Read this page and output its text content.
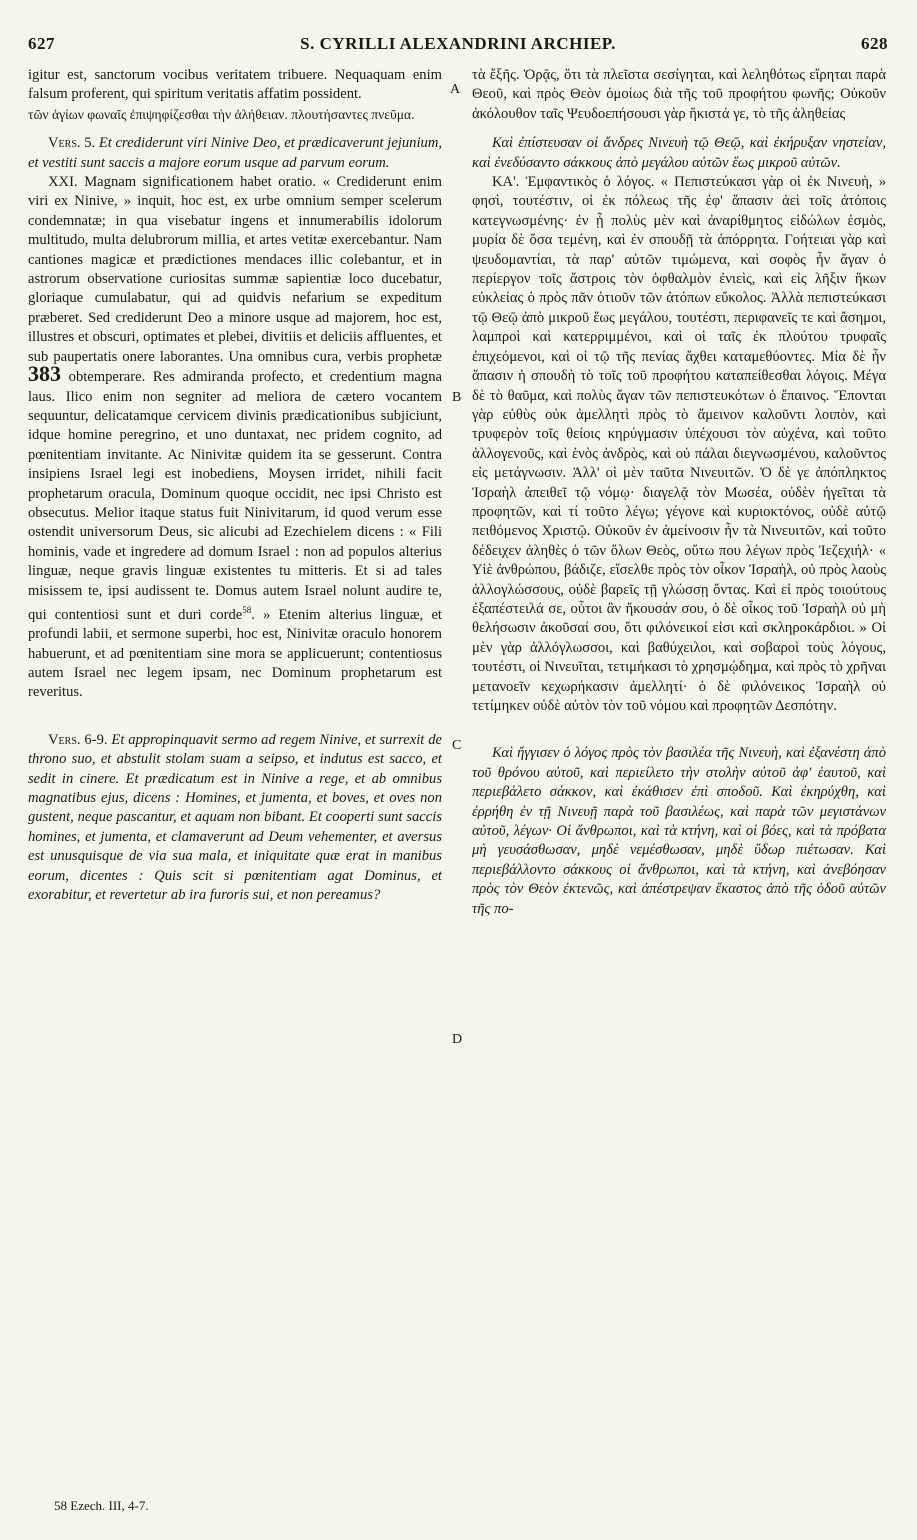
627	S. CYRILLI ALEXANDRINI ARCHIEP.	628

igitur est, sanctorum vocibus veritatem tribuere. Nequaquam enim falsum proferent, qui spiritum veritatis affatim possident.

τῶν ἁγίων φωναῖς ἐπιψηφίζεσθαι τὴν ἀλήθειαν. πλουτήσαντες πνεῦμα.

Vers. 5. Et crediderunt viri Ninive Deo, et prædicaverunt jejunium, et vestiti sunt saccis a majore eorum usque ad parvum eorum.

XXI. Magnam significationem habet oratio. « Crediderunt enim viri ex Ninive, » inquit, hoc est, ex urbe omnium semper scelerum condemnatæ; in qua visebatur ingens et innumerabilis idolorum multitudo, multa delubrorum millia, et artes vetitæ exercebantur. Nam cantiones magicæ et prædictiones mendaces illic colebantur, et in astrorum observatione curiositas summæ sapientiæ loco ducebatur, gloriaque cumulabatur, qui ad quidvis nefarium se expeditum præberet. Sed crediderunt Deo a minore usque ad majorem, hoc est, illustres et obscuri, optimates et plebei, divitiis et deliciis affluentes, et sub paupertatis onere laborantes. Una omnibus cura, verbis prophetæ 383 obtemperare. Res admiranda profecto, et credentium magna laus. Ilico enim non segniter ad meliora de cætero vocantem sequuntur, delicatamque cervicem divinis prædicationibus subjiciunt, idque homine peregrino, et uno duntaxat, nec pridem cognito, ad pœnitentiam invitante. Ac Ninivitæ quidem ita se gesserunt. Contra insipiens Israel legi est inobediens, Moysen irridet, nihili facit prophetarum oracula, Dominum quoque occidit, nec ipsi Christo est obsecutus. Melior itaque status fuit Ninivitarum, id quod verum esse ostendit universorum Deus, sic alicubi ad Ezechielem dicens : « Fili hominis, vade et ingredere ad domum Israel : non ad populos alterius linguæ, neque gravis linguæ existentes tu mitteris. Et si ad tales misissem te, ipsi audissent te. Domus autem Israel nolunt audire te, qui contentiosi sunt et duri corde$^{58}$. » Etenim alterius linguæ, et profundi labii, et sermone superbi, hoc est, Ninivitæ oraculo honorem habuerunt, et ad pœnitentiam sine mora se applicuerunt; contentiosus autem Israel nec legem ipsam, nec Dominum prophetarum est reveritus.

Vers. 6-9. Et appropinquavit sermo ad regem Ninive, et surrexit de throno suo, et abstulit stolam suam a seipso, et indutus est sacco, et sedit in cinere. Et prædicatum est in Ninive a rege, et ab omnibus magnatibus ejus, dicens : Homines, et jumenta, et boves, et oves non gustent, neque pascantur, et aquam non bibant. Et cooperti sunt saccis homines, et jumenta, et clamaverunt ad Deum vehementer, et aversus est unusquisque de via sua mala, et iniquitate quæ erat in manibus eorum, dicentes : Quis scit si pœnitentiam agat Dominus, et exorabitur, et revertetur ab ira furoris sui, et non pereamus?

τὰ ἔξῆς. Ὁρᾷς, ὅτι τὰ πλεῖστα σεσίγηται, καὶ λεληθότως εἴρηται παρὰ Θεοῦ, καὶ πρὸς Θεὸν ὁμοίως διὰ τῆς τοῦ προφήτου φωνῆς; Οὐκοῦν ἀκόλουθον ταῖς Ψευδοεπήσουσι γὰρ ἥκιστά γε, τὸ τῆς ἀληθείας

Καὶ ἐπίστευσαν οἱ ἄνδρες Νινευὴ τῷ Θεῷ, καὶ ἐκήρυξαν νηστείαν, καὶ ἐνεδύσαντο σάκκους ἀπὸ μεγάλου αὐτῶν ἕως μικροῦ αὐτῶν.

ΚΑ'. Ἐμφαντικὸς ὁ λόγος. « Πεπιστεύκασι γὰρ οἱ ἐκ Νινευὴ, » φησὶ, τουτέστιν, οἱ ἐκ πόλεως τῆς ἐφ' ἅπασιν ἀεὶ τοῖς ἀτόποις κατεγνωσμένης· ἐν ᾗ πολὺς μὲν καὶ ἀναρίθμητος εἰδώλων ἑσμὸς, μυρία δὲ ὅσα τεμένη, καὶ ἐν σπουδῇ τὰ ἀπόρρητα. Γοήτειαι γὰρ καὶ ψευδομαντίαι, τὰ παρ' αὐτῶν τιμώμενα, καὶ σοφὸς ἦν ἄγαν ὁ περίεργον τοῖς ἄστροις τὸν ὀφθαλμὸν ἐνιεὶς, καὶ εἰς λῆξιν ἥκων εὐκλείας ὁ πρὸς πᾶν ὁτιοῦν τῶν ἀτόπων εὔκολος. Ἀλλὰ πεπιστεύκασι τῷ Θεῷ ἀπὸ μικροῦ ἕως μεγάλου, τουτέστι, περιφανεῖς τε καὶ ἄσημοι, λαμπροὶ καὶ κατερριμμένοι, καὶ οἱ ταῖς ἐκ πλούτου τρυφαῖς ἐπιχεόμενοι, καὶ οἱ τῷ τῆς πενίας ἄχθει καταμεθύοντες. Μία δὲ ἦν ἅπασιν ἡ σπουδὴ τὸ τοῖς τοῦ προφήτου καταπείθεσθαι λόγοις. Μέγα δὲ τὸ θαῦμα, καὶ πολὺς ἄγαν τῶν πεπιστευκότων ὁ ἔπαινος. Ἕπονται γὰρ εὐθὺς οὐκ ἀμελλητὶ πρὸς τὸ ἄμεινον καλοῦντι λοιπὸν, καὶ τρυφερὸν τοῖς θείοις κηρύγμασιν ὑπέχουσι τὸν αὐχένα, καὶ τοῦτο ἀλλογενοῦς, καὶ ἑνὸς ἀνδρὸς, καὶ οὐ πάλαι διεγνωσμένου, καλοῦντος εἰς μετάγνωσιν. Ἀλλ' οἱ μὲν ταῦτα Νινευιτῶν. Ὁ δὲ γε ἀπόπληκτος Ἰσραὴλ ἀπειθεῖ τῷ νόμῳ· διαγελᾷ τὸν Μωσέα, οὐδὲν ἡγεῖται τὰ προφητῶν, καὶ τί τοῦτο λέγω; γέγονε καὶ κυριοκτόνος, οὐδὲ αὐτῷ πειθόμενος Χριστῷ. Οὐκοῦν ἐν ἀμείνοσιν ἦν τὰ Νινευιτῶν, καὶ τοῦτο δέδειχεν ἀληθὲς ὁ τῶν ὅλων Θεὸς, οὕτω που λέγων πρὸς Ἰεζεχιήλ· « Υἱὲ ἀνθρώπου, βάδιζε, εἴσελθε πρὸς τὸν οἶκον Ἰσραὴλ, οὐ πρὸς λαοὺς ἀλλογλώσσους, οὐδὲ βαρεῖς τῇ γλώσσῃ ὄντας. Καὶ εἰ πρὸς τοιούτους ἐξαπέστειλά σε, οὗτοι ἂν ἤκουσάν σου, ὁ δὲ οἶκος τοῦ Ἰσραὴλ οὐ μὴ θελήσωσιν ἀκοῦσαί σου, ὅτι φιλόνεικοί εἰσι καὶ σκληροκάρδιοι. » Οἱ μὲν γὰρ ἀλλόγλωσσοι, καὶ βαθύχειλοι, καὶ σοβαροὶ τοὺς λόγους, τουτέστι, οἱ Νινευῖται, τετιμήκασι τὸ χρησμῴδημα, καὶ πρὸς τὸ χρῆναι μετανοεῖν κεχωρήκασιν ἀμελλητί· ὁ δὲ φιλόνεικος Ἰσραὴλ οὐ τετίμηκεν οὐδὲ αὐτὸν τὸν τοῦ νόμου καὶ προφητῶν Δεσπότην.

Καὶ ἤγγισεν ὁ λόγος πρὸς τὸν βασιλέα τῆς Νινευὴ, καὶ ἐξανέστη ἀπὸ τοῦ θρόνου αὐτοῦ, καὶ περιείλετο τὴν στολὴν αὐτοῦ ἀφ' ἑαυτοῦ, καὶ περιεβάλετο σάκκον, καὶ ἐκάθισεν ἐπὶ σποδοῦ. Καὶ ἐκηρύχθη, καὶ ἐρρήθη ἐν τῇ Νινευῇ παρὰ τοῦ βασιλέως, καὶ παρὰ τῶν μεγιστάνων αὐτοῦ, λέγων· Οἱ ἄνθρωποι, καὶ τὰ κτήνη, καὶ οἱ βόες, καὶ τὰ πρόβατα μὴ γευσάσθωσαν, μηδὲ νεμέσθωσαν, μηδὲ ὕδωρ πιέτωσαν. Καὶ περιεβάλλοντο σάκκους οἱ ἄνθρωποι, καὶ τὰ κτήνη, καὶ ἀνεβόησαν πρὸς τὸν Θεὸν ἐκτενῶς, καὶ ἀπέστρεψαν ἕκαστος ἀπὸ τῆς ὁδοῦ αὐτῶν τῆς πο-

A
B
C
D
58 Ezech. III, 4-7.
